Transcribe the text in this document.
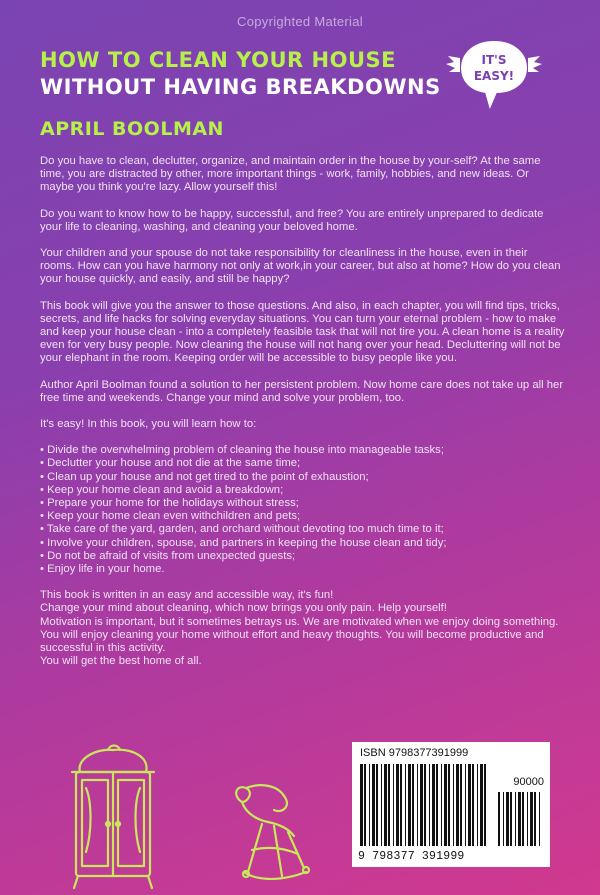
Copyrighted Material
HOW TO CLEAN YOUR HOUSE
WITHOUT HAVING BREAKDOWNS
IT'S
EASY!
APRIL BOOLMAN

Do you have to clean, declutter, organize, and maintain order in the house by your-self? At the same time, you are distracted by other, more important things - work, family, hobbies, and new ideas. Or maybe you think you're lazy. Allow yourself this!

Do you want to know how to be happy, successful, and free? You are entirely unprepared to dedicate your life to cleaning, washing, and cleaning your beloved home.

Your children and your spouse do not take responsibility for cleanliness in the house, even in their rooms. How can you have harmony not only at work,in your career, but also at home? How do you clean your house quickly, and easily, and still be happy?

This book will give you the answer to those questions. And also, in each chapter, you will find tips, tricks, secrets, and life hacks for solving everyday situations. You can turn your eternal problem - how to make and keep your house clean - into a completely feasible task that will not tire you. A clean home is a reality even for very busy people. Now cleaning the house will not hang over your head. Decluttering will not be your elephant in the room. Keeping order will be accessible to busy people like you.

Author April Boolman found a solution to her persistent problem. Now home care does not take up all her free time and weekends. Change your mind and solve your problem, too.

It's easy! In this book, you will learn how to:

• Divide the overwhelming problem of cleaning the house into manageable tasks;
• Declutter your house and not die at the same time;
• Clean up your house and not get tired to the point of exhaustion;
• Keep your home clean and avoid a breakdown;
• Prepare your home for the holidays without stress;
• Keep your home clean even withchildren and pets;
• Take care of the yard, garden, and orchard without devoting too much time to it;
• Involve your children, spouse, and partners in keeping the house clean and tidy;
• Do not be afraid of visits from unexpected guests;
• Enjoy life in your home.
This book is written in an easy and accessible way, it's fun!
Change your mind about cleaning, which now brings you only pain. Help yourself!
Motivation is important, but it sometimes betrays us. We are motivated when we enjoy doing something. You will enjoy cleaning your home without effort and heavy thoughts. You will become productive and successful in this activity.
You will get the best home of all.
ISBN 9798377391999
90000
9 798377 391999
